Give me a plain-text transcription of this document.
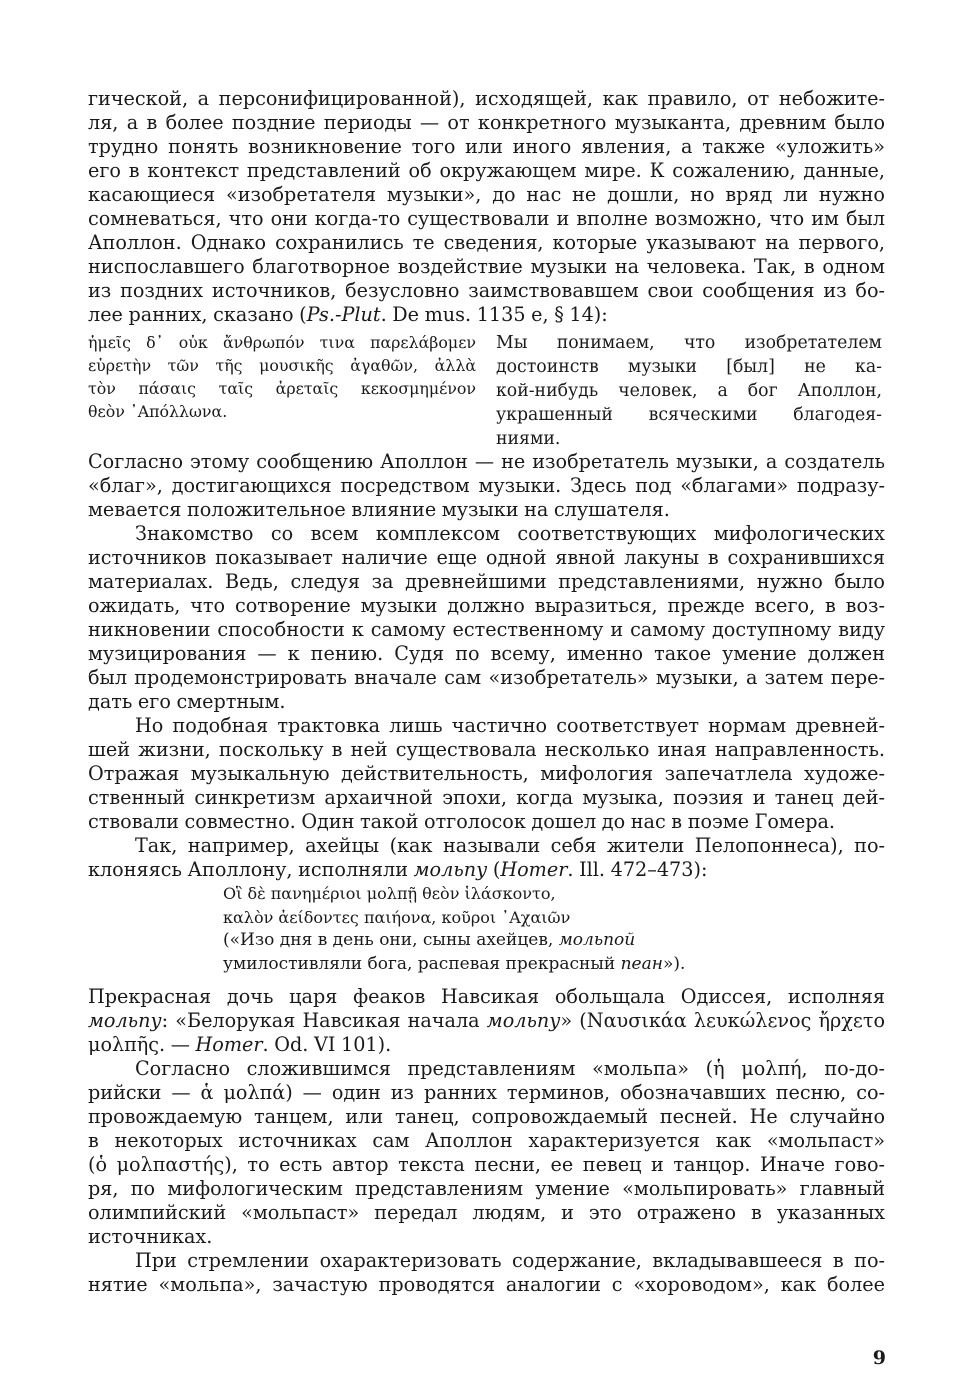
гической, а персонифицированной), исходящей, как правило, от небожите-
ля, а в более поздние периоды — от конкретного музыканта, древним было
трудно понять возникновение того или иного явления, а также «уложить»
его в контекст представлений об окружающем мире. К сожалению, данные,
касающиеся «изобретателя музыки», до нас не дошли, но вряд ли нужно
сомневаться, что они когда-то существовали и вполне возможно, что им был
Аполлон. Однако сохранились те сведения, которые указывают на первого,
ниспославшего благотворное воздействие музыки на человека. Так, в одном
из поздних источников, безусловно заимствовавшем свои сообщения из бо-
лее ранних, сказано (Ps.-Plut. De mus. 1135 e, § 14):
ἡμεῖς δ᾽ οὐκ ἄνθρωπόν τινα παρελάβομεν
εὑρετὴν τῶν τῆς μουσικῆς ἀγαθῶν, ἀλλὰ
τὸν πάσαις ταῖς ἀρεταῖς κεκοσμημένον
θεὸν ᾽Απόλλωνα.
Мы понимаем, что изобретателем
достоинств музыки [был] не ка-
кой-нибудь человек, а бог Аполлон,
украшенный всяческими благодея-
ниями.
Согласно этому сообщению Аполлон — не изобретатель музыки, а создатель
«благ», достигающихся посредством музыки. Здесь под «благами» подразу-
мевается положительное влияние музыки на слушателя.
Знакомство со всем комплексом соответствующих мифологических
источников показывает наличие еще одной явной лакуны в сохранившихся
материалах. Ведь, следуя за древнейшими представлениями, нужно было
ожидать, что сотворение музыки должно выразиться, прежде всего, в воз-
никновении способности к самому естественному и самому доступному виду
музицирования — к пению. Судя по всему, именно такое умение должен
был продемонстрировать вначале сам «изобретатель» музыки, а затем пере-
дать его смертным.
Но подобная трактовка лишь частично соответствует нормам древней-
шей жизни, поскольку в ней существовала несколько иная направленность.
Отражая музыкальную действительность, мифология запечатлела художе-
ственный синкретизм архаичной эпохи, когда музыка, поэзия и танец дей-
ствовали совместно. Один такой отголосок дошел до нас в поэме Гомера.
Так, например, ахейцы (как называли себя жители Пелопоннеса), по-
клоняясь Аполлону, исполняли мольпу (Homer. Ill. 472–473):
Οἳ δὲ πανημέριοι μολπῇ θεὸν ἱλάσκοντο,
καλὸν ἀείδοντες παιήονα, κοῦροι ᾽Αχαιῶν
(«Изо дня в день они, сыны ахейцев, мольпой
умилостивляли бога, распевая прекрасный пеан»).
Прекрасная дочь царя феаков Навсикая обольщала Одиссея, исполняя
мольпу: «Белорукая Навсикая начала мольпу» (Ναυσικάα λευκώλενος ἤρχετο
μολπῆς. — Homer. Od. VI 101).
Согласно сложившимся представлениям «мольпа» (ἡ μολπή, по-до-
рийски — ἁ μολπά) — один из ранних терминов, обозначавших песню, со-
провождаемую танцем, или танец, сопровождаемый песней. Не случайно
в некоторых источниках сам Аполлон характеризуется как «мольпаст»
(ὁ μολπαστής), то есть автор текста песни, ее певец и танцор. Иначе гово-
ря, по мифологическим представлениям умение «мольпировать» главный
олимпийский «мольпаст» передал людям, и это отражено в указанных
источниках.
При стремлении охарактеризовать содержание, вкладывавшееся в по-
нятие «мольпа», зачастую проводятся аналогии с «хороводом», как более
9
